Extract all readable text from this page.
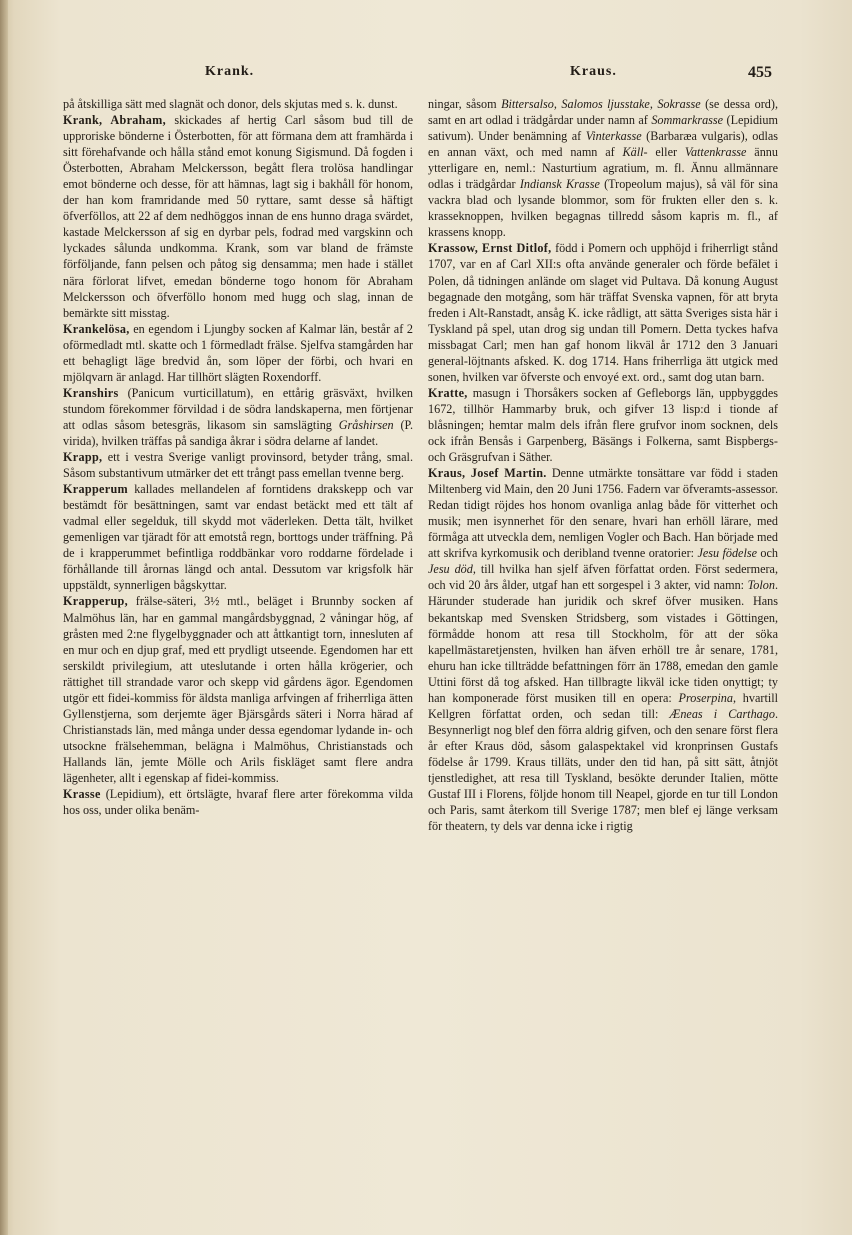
Krank.	Kraus.	455

på åtskilliga sätt med slagnät och donor, dels skjutas med s. k. dunst.

Krank, Abraham, skickades af hertig Carl såsom bud till de upproriske bönderne i Österbotten, för att förmana dem att framhärda i sitt förehafvande och hålla stånd emot konung Sigismund. Då fogden i Österbotten, Abraham Melckersson, begått flera trolösa handlingar emot bönderne och desse, för att hämnas, lagt sig i bakhåll för honom, der han kom framridande med 50 ryttare, samt desse så häftigt öfverföllos, att 22 af dem nedhöggos innan de ens hunno draga svärdet, kastade Melckersson af sig en dyrbar pels, fodrad med vargskinn och lyckades sålunda undkomma. Krank, som var bland de främste förföljande, fann pelsen och påtog sig densamma; men hade i stället nära förlorat lifvet, emedan bönderne togo honom för Abraham Melckersson och öfverföllo honom med hugg och slag, innan de bemärkte sitt misstag.

Krankelösa, en egendom i Ljungby socken af Kalmar län, består af 2 oförmedladt mtl. skatte och 1 förmedladt frälse. Sjelfva stamgården har ett behagligt läge bredvid ån, som löper der förbi, och hvari en mjölqvarn är anlagd. Har tillhört slägten Roxendorff.

Kranshirs (Panicum vurticillatum), en ettårig gräsväxt, hvilken stundom förekommer förvildad i de södra landskaperna, men förtjenar att odlas såsom betesgräs, likasom sin samslägting Gråshirsen (P. virida), hvilken träffas på sandiga åkrar i södra delarne af landet.

Krapp, ett i vestra Sverige vanligt provinsord, betyder trång, smal. Såsom substantivum utmärker det ett trångt pass emellan tvenne berg.

Krapperum kallades mellandelen af forntidens drakskepp och var bestämdt för besättningen, samt var endast betäckt med ett tält af vadmal eller segelduk, till skydd mot väderleken. Detta tält, hvilket gemenligen var tjäradt för att emotstå regn, borttogs under träffning. På de i krapperummet befintliga roddbänkar voro roddarne fördelade i förhållande till årornas längd och antal. Dessutom var krigsfolk här uppstäldt, synnerligen bågskyttar.

Krapperup, frälse-säteri, 3½ mtl., beläget i Brunnby socken af Malmöhus län, har en gammal mangårdsbyggnad, 2 våningar hög, af gråsten med 2:ne flygelbyggnader och att åttkantigt torn, innesluten af en mur och en djup graf, med ett prydligt utseende. Egendomen har ett serskildt privilegium, att uteslutande i orten hålla krögerier, och rättighet till strandade varor och skepp vid gårdens ägor. Egendomen utgör ett fidei-kommiss för äldsta manliga arfvingen af friherrliga ätten Gyllenstjerna, som derjemte äger Bjärsgårds säteri i Norra härad af Christianstads län, med många under dessa egendomar lydande in- och utsockne frälsehemman, belägna i Malmöhus, Christianstads och Hallands län, jemte Mölle och Arils fiskläget samt flere andra lägenheter, allt i egenskap af fidei-kommiss.

Krasse (Lepidium), ett örtslägte, hvaraf flere arter förekomma vilda hos oss, under olika benäm-

ningar, såsom Bittersalso, Salomos ljusstake, Sokrasse (se dessa ord), samt en art odlad i trädgårdar under namn af Sommarkrasse (Lepidium sativum). Under benämning af Vinterkasse (Barbaræa vulgaris), odlas en annan växt, och med namn af Käll- eller Vattenkrasse ännu ytterligare en, neml.: Nasturtium agratium, m. fl. Ännu allmännare odlas i trädgårdar Indiansk Krasse (Tropeolum majus), så väl för sina vackra blad och lysande blommor, som för frukten eller den s. k. krasseknoppen, hvilken begagnas tillredd såsom kapris m. fl., af krassens knopp.

Krassow, Ernst Ditlof, född i Pomern och upphöjd i friherrligt stånd 1707, var en af Carl XII:s ofta använde generaler och förde befälet i Polen, då tidningen anlände om slaget vid Pultava. Då konung August begagnade den motgång, som här träffat Svenska vapnen, för att bryta freden i Alt-Ranstadt, ansåg K. icke rådligt, att sätta Sveriges sista här i Tyskland på spel, utan drog sig undan till Pomern. Detta tyckes hafva missbagat Carl; men han gaf honom likväl år 1712 den 3 Januari general-löjtnants afsked. K. dog 1714. Hans friherrliga ätt utgick med sonen, hvilken var öfverste och envoyé ext. ord., samt dog utan barn.

Kratte, masugn i Thorsåkers socken af Gefleborgs län, uppbyggdes 1672, tillhör Hammarby bruk, och gifver 13 lisp:d i tionde af blåsningen; hemtar malm dels ifrån flere grufvor inom socknen, dels ock ifrån Bensås i Garpenberg, Bäsängs i Folkerna, samt Bispbergs- och Gräsgrufvan i Säther.

Kraus, Josef Martin. Denne utmärkte tonsättare var född i staden Miltenberg vid Main, den 20 Juni 1756. Fadern var öfveramts-assessor. Redan tidigt röjdes hos honom ovanliga anlag både för vitterhet och musik; men isynnerhet för den senare, hvari han erhöll lärare, med förmåga att utveckla dem, nemligen Vogler och Bach. Han började med att skrifva kyrkomusik och deribland tvenne oratorier: Jesu födelse och Jesu död, till hvilka han sjelf äfven författat orden. Först sedermera, och vid 20 års ålder, utgaf han ett sorgespel i 3 akter, vid namn: Tolon. Härunder studerade han juridik och skref öfver musiken. Hans bekantskap med Svensken Stridsberg, som vistades i Göttingen, förmådde honom att resa till Stockholm, för att der söka kapellmästaretjensten, hvilken han äfven erhöll tre år senare, 1781, ehuru han icke tillträdde befattningen förr än 1788, emedan den gamle Uttini först då tog afsked. Han tillbragte likväl icke tiden onyttigt; ty han komponerade först musiken till en opera: Proserpina, hvartill Kellgren författat orden, och sedan till: Æneas i Carthago. Besynnerligt nog blef den förra aldrig gifven, och den senare först flera år efter Kraus död, såsom galaspektakel vid kronprinsen Gustafs födelse år 1799. Kraus tilläts, under den tid han, på sitt sätt, åtnjöt tjenstledighet, att resa till Tyskland, besökte derunder Italien, mötte Gustaf III i Florens, följde honom till Neapel, gjorde en tur till London och Paris, samt återkom till Sverige 1787; men blef ej länge verksam för theatern, ty dels var denna icke i rigtig
